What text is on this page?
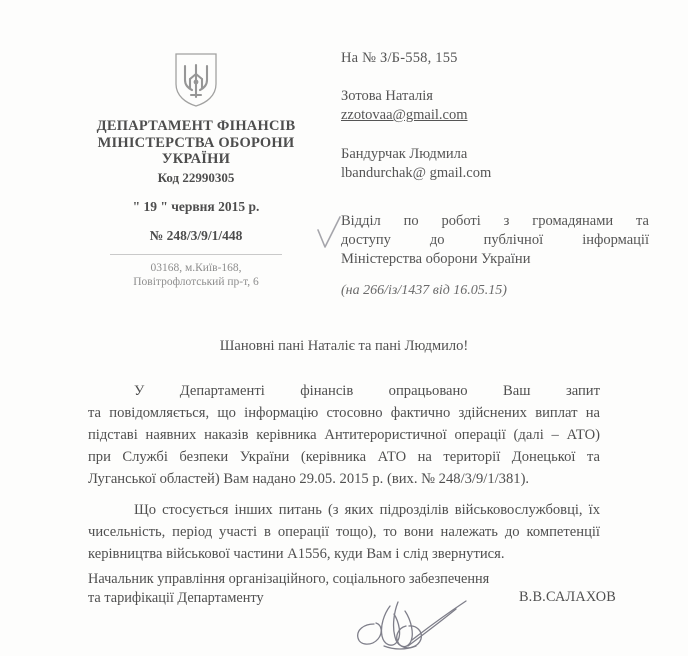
ДЕПАРТАМЕНТ ФІНАНСІВ
МІНІСТЕРСТВА ОБОРОНИ
УКРАЇНИ
Код 22990305
" 19 " червня 2015 р.
№ 248/3/9/1/448
03168, м.Київ-168,
Повітрофлотський пр-т, 6
На № З/Б-558, 155
Зотова Наталія
zzotovaa@gmail.com
Бандурчак Людмила
lbandurchak@ gmail.com
Відділ по роботі з громадянами та
доступу до публічної інформації
Міністерства оборони України
(на 266/із/1437 від 16.05.15)
Шановні пані Наталіє та пані Людмило!
У Департаменті фінансів опрацьовано Ваш запит
та повідомляється, що інформацію стосовно фактично здійснених виплат на
підставі наявних наказів керівника Антитерористичної операції (далі – АТО)
при Службі безпеки України (керівника АТО на території Донецької та
Луганської областей) Вам надано 29.05. 2015 р. (вих. № 248/3/9/1/381).
Що стосується інших питань (з яких підрозділів військовослужбовці, їх
чисельність, період участі в операції тощо), то вони належать до компетенції
керівництва військової частини А1556, куди Вам і слід звернутися.
Начальник управління організаційного, соціального забезпечення
та тарифікації Департаменту	В.В.САЛАХОВ
